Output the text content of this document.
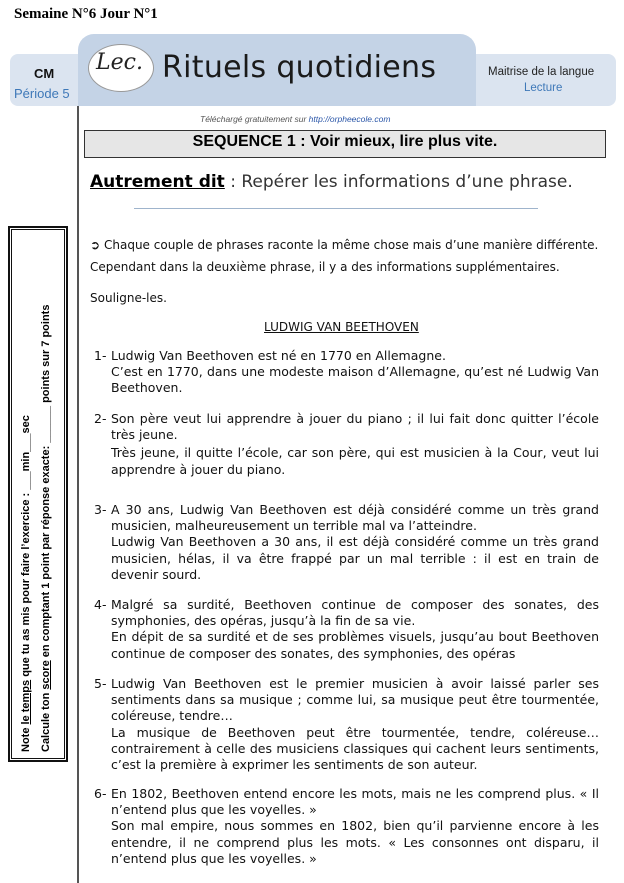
Semaine N°6 Jour N°1
CM
Période 5
Lec. Rituels quotidiens	Maitrise de la langue
Lecture
Téléchargé gratuitement sur http://orpheecole.com
SEQUENCE 1 : Voir mieux, lire plus vite.
Autrement dit : Repérer les informations d’une phrase.
➲ Chaque couple de phrases raconte la même chose mais d’une manière différente.
Cependant dans la deuxième phrase, il y a des informations supplémentaires.
Souligne-les.
LUDWIG VAN BEETHOVEN
1- Ludwig Van Beethoven est né en 1770 en Allemagne.

C’est en 1770, dans une modeste maison d’Allemagne, qu’est né Ludwig Van Beethoven.

2- Son père veut lui apprendre à jouer du piano ; il lui fait donc quitter l’école très jeune.

Très jeune, il quitte l’école, car son père, qui est musicien à la Cour, veut lui apprendre à jouer du piano.

3- A 30 ans, Ludwig Van Beethoven est déjà considéré comme un très grand musicien, malheureusement un terrible mal va l’atteindre.

Ludwig Van Beethoven a 30 ans, il est déjà considéré comme un très grand musicien, hélas, il va être frappé par un mal terrible : il est en train de devenir sourd.

4- Malgré sa surdité, Beethoven continue de composer des sonates, des symphonies, des opéras, jusqu’à la fin de sa vie.

En dépit de sa surdité et de ses problèmes visuels, jusqu’au bout Beethoven continue de composer des sonates, des symphonies, des opéras

5- Ludwig Van Beethoven est le premier musicien à avoir laissé parler ses sentiments dans sa musique ; comme lui, sa musique peut être tourmentée, coléreuse, tendre…

La musique de Beethoven peut être tourmentée, tendre, coléreuse… contrairement à celle des musiciens classiques qui cachent leurs sentiments, c’est la première à exprimer les sentiments de son auteur.

6- En 1802, Beethoven entend encore les mots, mais ne les comprend plus. « Il n’entend plus que les voyelles. »

Son mal empire, nous sommes en 1802, bien qu’il parvienne encore à les entendre, il ne comprend plus les mots. « Les consonnes ont disparu, il n’entend plus que les voyelles. »

Note le temps que tu as mis pour faire l’exercice : ___min___sec
Calcule ton score en comptant 1 point par réponse exacte: ______ points sur 7 points
